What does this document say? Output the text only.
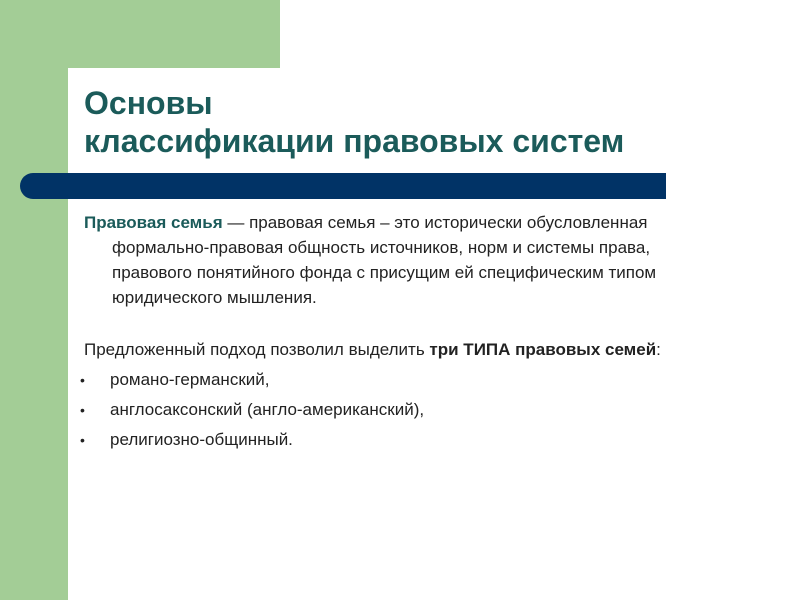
Основы
классификации правовых систем

Правовая семья — правовая семья – это исторически обусловленная формально-правовая общность источников, норм и системы права, правового понятийного фонда с присущим ей специфическим типом юридического мышления.

Предложенный подход позволил выделить три ТИПА правовых семей:

• романо-германский,
• англосаксонский (англо-американский),
• религиозно-общинный.
